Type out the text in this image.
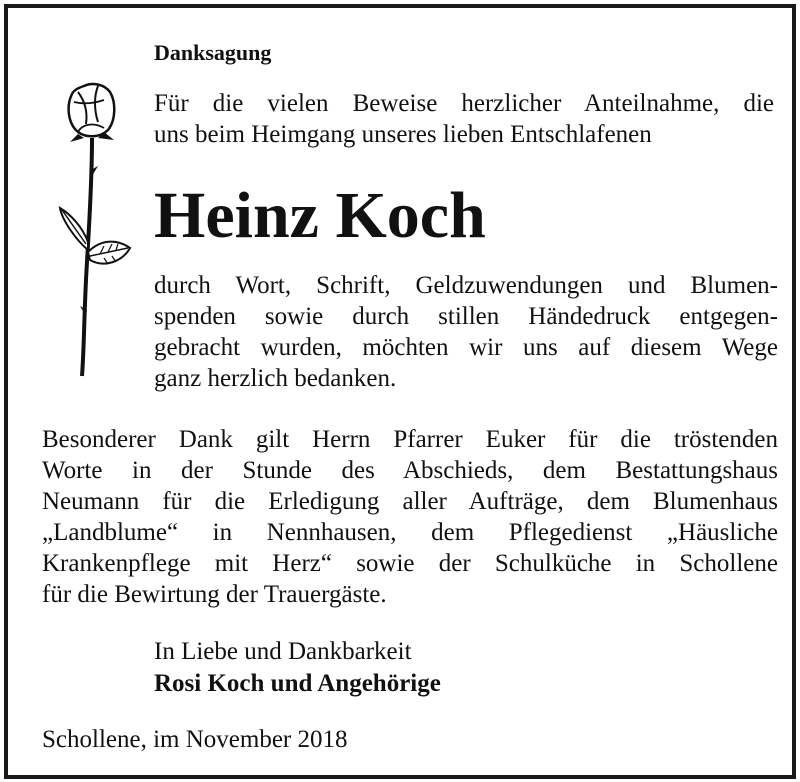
Danksagung

Für die vielen Beweise herzlicher Anteilnahme, die
uns beim Heimgang unseres lieben Entschlafenen

Heinz Koch

durch Wort, Schrift, Geldzuwendungen und Blumen-
spenden sowie durch stillen Händedruck entgegen-
gebracht wurden, möchten wir uns auf diesem Wege
ganz herzlich bedanken.
Besonderer Dank gilt Herrn Pfarrer Euker für die tröstenden
Worte in der Stunde des Abschieds, dem Bestattungshaus
Neumann für die Erledigung aller Aufträge, dem Blumenhaus
„Landblume“ in Nennhausen, dem Pflegedienst „Häusliche
Krankenpflege mit Herz“ sowie der Schulküche in Schollene
für die Bewirtung der Trauergäste.

In Liebe und Dankbarkeit

Rosi Koch und Angehörige

Schollene, im November 2018
